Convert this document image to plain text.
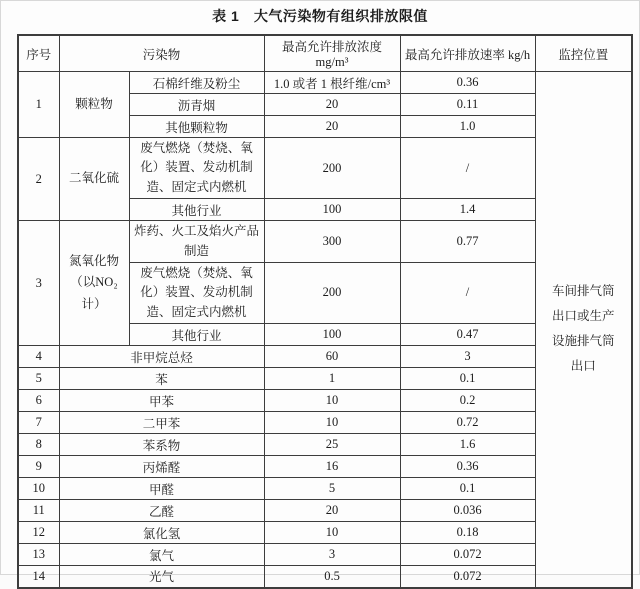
表 1　大气污染物有组织排放限值
序号	污染物		最高允许排放浓度 mg/m³	最高允许排放速率 kg/h	监控位置
1	颗粒物	石棉纤维及粉尘	1.0 或者 1 根纤维/cm³	0.36	车间排气筒出口或生产设施排气筒出口

		沥青烟	20	0.11	
		其他颗粒物	20	1.0	
2	二氧化硫	废气燃烧（焚烧、氧化）装置、发动机制造、固定式内燃机	200	/	
		其他行业	100	1.4	
3	氮氧化物（以NO₂计）	炸药、火工及焰火产品制造	300	0.77	
		废气燃烧（焚烧、氧化）装置、发动机制造、固定式内燃机	200	/	
		其他行业	100	0.47	
4	非甲烷总烃		60	3	
5	苯		1	0.1	
6	甲苯		10	0.2	
7	二甲苯		10	0.72	
8	苯系物		25	1.6	
9	丙烯醛		16	0.36	
10	甲醛		5	0.1	
11	乙醛		20	0.036	
12	氯化氢		10	0.18	
13	氯气		3	0.072	
14	光气		0.5	0.072	
